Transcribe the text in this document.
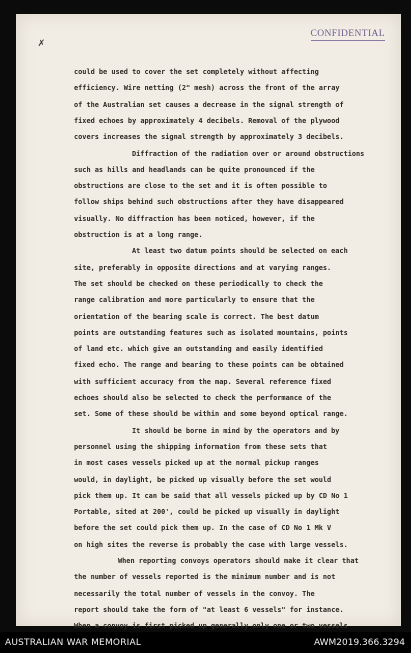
✗
CONFIDENTIAL
could be used to cover the set completely without affecting
efficiency. Wire netting (2" mesh) across the front of the array
of the Australian set causes a decrease in the signal strength of
fixed echoes by approximately 4 decibels. Removal of the plywood
covers increases the signal strength by approximately 3 decibels.
Diffraction of the radiation over or around obstructions
such as hills and headlands can be quite pronounced if the
obstructions are close to the set and it is often possible to
follow ships behind such obstructions after they have disappeared
visually. No diffraction has been noticed, however, if the
obstruction is at a long range.
At least two datum points should be selected on each
site, preferably in opposite directions and at varying ranges.
The set should be checked on these periodically to check the
range calibration and more particularly to ensure that the
orientation of the bearing scale is correct. The best datum
points are outstanding features such as isolated mountains, points
of land etc. which give an outstanding and easily identified
fixed echo. The range and bearing to these points can be obtained
with sufficient accuracy from the map. Several reference fixed
echoes should also be selected to check the performance of the
set. Some of these should be within and some beyond optical range.
It should be borne in mind by the operators and by
personnel using the shipping information from these sets that
in most cases vessels picked up at the normal pickup ranges
would, in daylight, be picked up visually before the set would
pick them up. It can be said that all vessels picked up by CD No 1
Portable, sited at 200', could be picked up visually in daylight
before the set could pick them up. In the case of CD No 1 Mk V
on high sites the reverse is probably the case with large vessels.
When reporting convoys operators should make it clear that
the number of vessels reported is the minimum number and is not
necessarily the total number of vessels in the convoy. The
report should take the form of "at least 6 vessels" for instance.
When a convoy is first picked up generally only one or two vessels
AUSTRALIAN WAR MEMORIAL	AWM2019.366.3294
